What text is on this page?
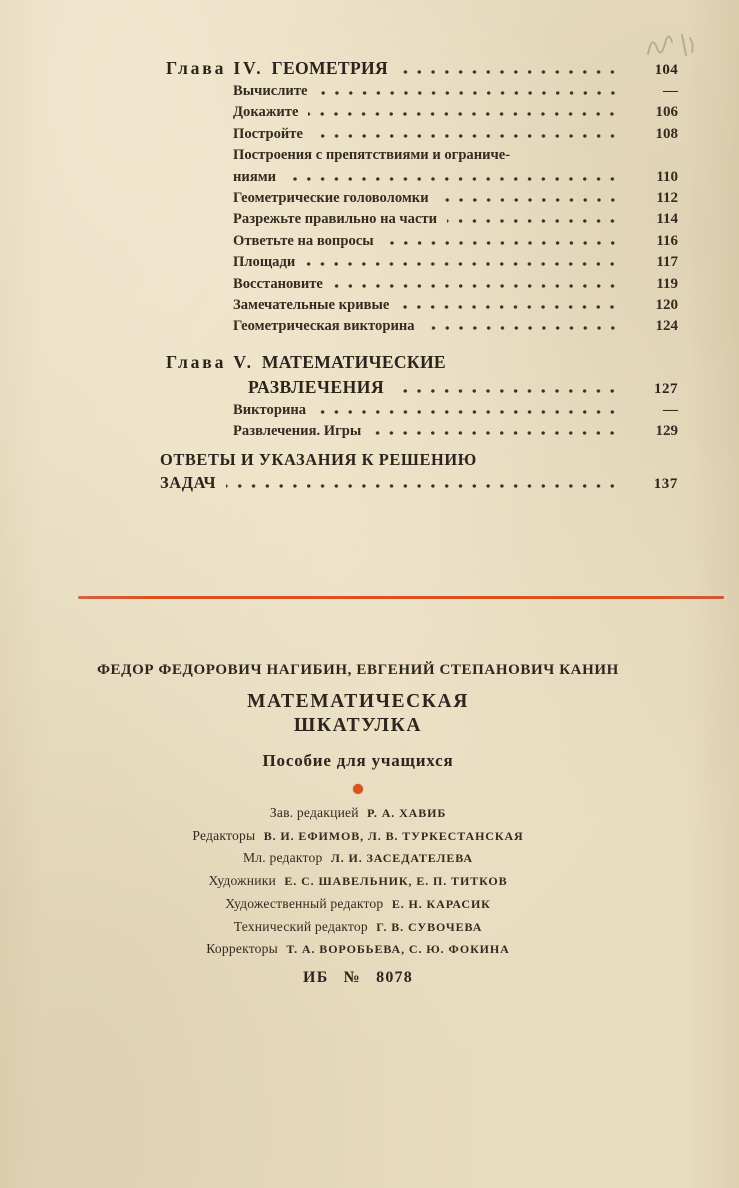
Глава IV. ГЕОМЕТРИЯ	104
Вычислите	—
Докажите	106
Постройте	108
Построения с препятствиями и ограниче-
ниями	110
Геометрические головоломки	112
Разрежьте правильно на части	114
Ответьте на вопросы	116
Площади	117
Восстановите	119
Замечательные кривые	120
Геометрическая викторина	124
Глава V. МАТЕМАТИЧЕСКИЕ
РАЗВЛЕЧЕНИЯ	127
Викторина	—
Развлечения. Игры	129
ОТВЕТЫ И УКАЗАНИЯ К РЕШЕНИЮ
ЗАДАЧ	137
ФЕДОР ФЕДОРОВИЧ НАГИБИН, ЕВГЕНИЙ СТЕПАНОВИЧ КАНИН
МАТЕМАТИЧЕСКАЯ
ШКАТУЛКА
Пособие для учащихся
Зав. редакцией Р. А. ХАВИБ
Редакторы В. И. ЕФИМОВ, Л. В. ТУРКЕСТАНСКАЯ
Мл. редактор Л. И. ЗАСЕДАТЕЛЕВА
Художники Е. С. ШАВЕЛЬНИК, Е. П. ТИТКОВ
Художественный редактор Е. Н. КАРАСИК
Технический редактор Г. В. СУВОЧЕВА
Корректоры Т. А. ВОРОБЬЕВА, С. Ю. ФОКИНА
ИБ № 8078
